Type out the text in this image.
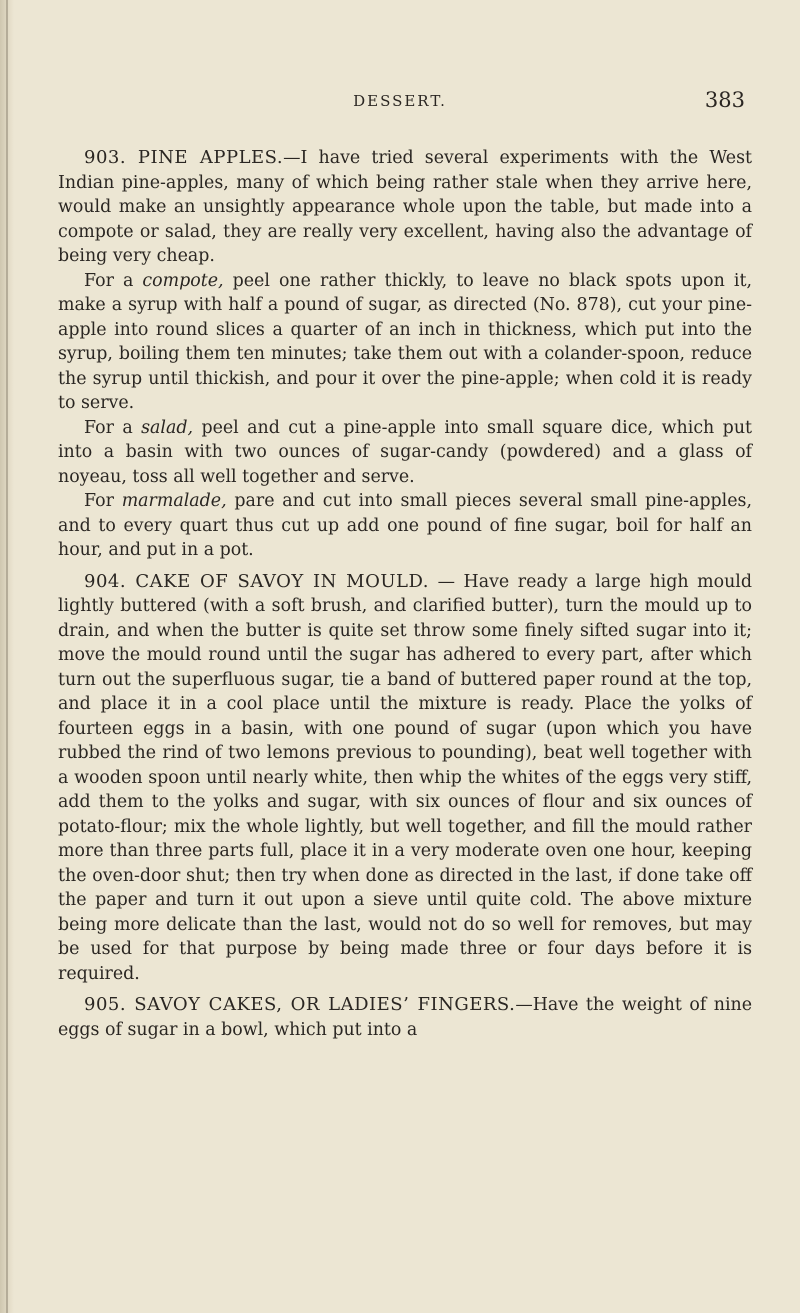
DESSERT.	383

903. PINE APPLES.—I have tried several experiments with the West Indian pine-apples, many of which being rather stale when they arrive here, would make an unsightly appearance whole upon the table, but made into a compote or salad, they are really very excellent, having also the advantage of being very cheap.

For a compote, peel one rather thickly, to leave no black spots upon it, make a syrup with half a pound of sugar, as directed (No. 878), cut your pine-apple into round slices a quarter of an inch in thickness, which put into the syrup, boiling them ten minutes; take them out with a colander-spoon, reduce the syrup until thickish, and pour it over the pine-apple; when cold it is ready to serve.

For a salad, peel and cut a pine-apple into small square dice, which put into a basin with two ounces of sugar-candy (powdered) and a glass of noyeau, toss all well together and serve.

For marmalade, pare and cut into small pieces several small pine-apples, and to every quart thus cut up add one pound of fine sugar, boil for half an hour, and put in a pot.

904. CAKE OF SAVOY IN MOULD. — Have ready a large high mould lightly buttered (with a soft brush, and clarified butter), turn the mould up to drain, and when the butter is quite set throw some finely sifted sugar into it; move the mould round until the sugar has adhered to every part, after which turn out the superfluous sugar, tie a band of buttered paper round at the top, and place it in a cool place until the mixture is ready. Place the yolks of fourteen eggs in a basin, with one pound of sugar (upon which you have rubbed the rind of two lemons previous to pounding), beat well together with a wooden spoon until nearly white, then whip the whites of the eggs very stiff, add them to the yolks and sugar, with six ounces of flour and six ounces of potato-flour; mix the whole lightly, but well together, and fill the mould rather more than three parts full, place it in a very moderate oven one hour, keeping the oven-door shut; then try when done as directed in the last, if done take off the paper and turn it out upon a sieve until quite cold. The above mixture being more delicate than the last, would not do so well for removes, but may be used for that purpose by being made three or four days before it is required.

905. SAVOY CAKES, OR LADIES’ FINGERS.—Have the weight of nine eggs of sugar in a bowl, which put into a
